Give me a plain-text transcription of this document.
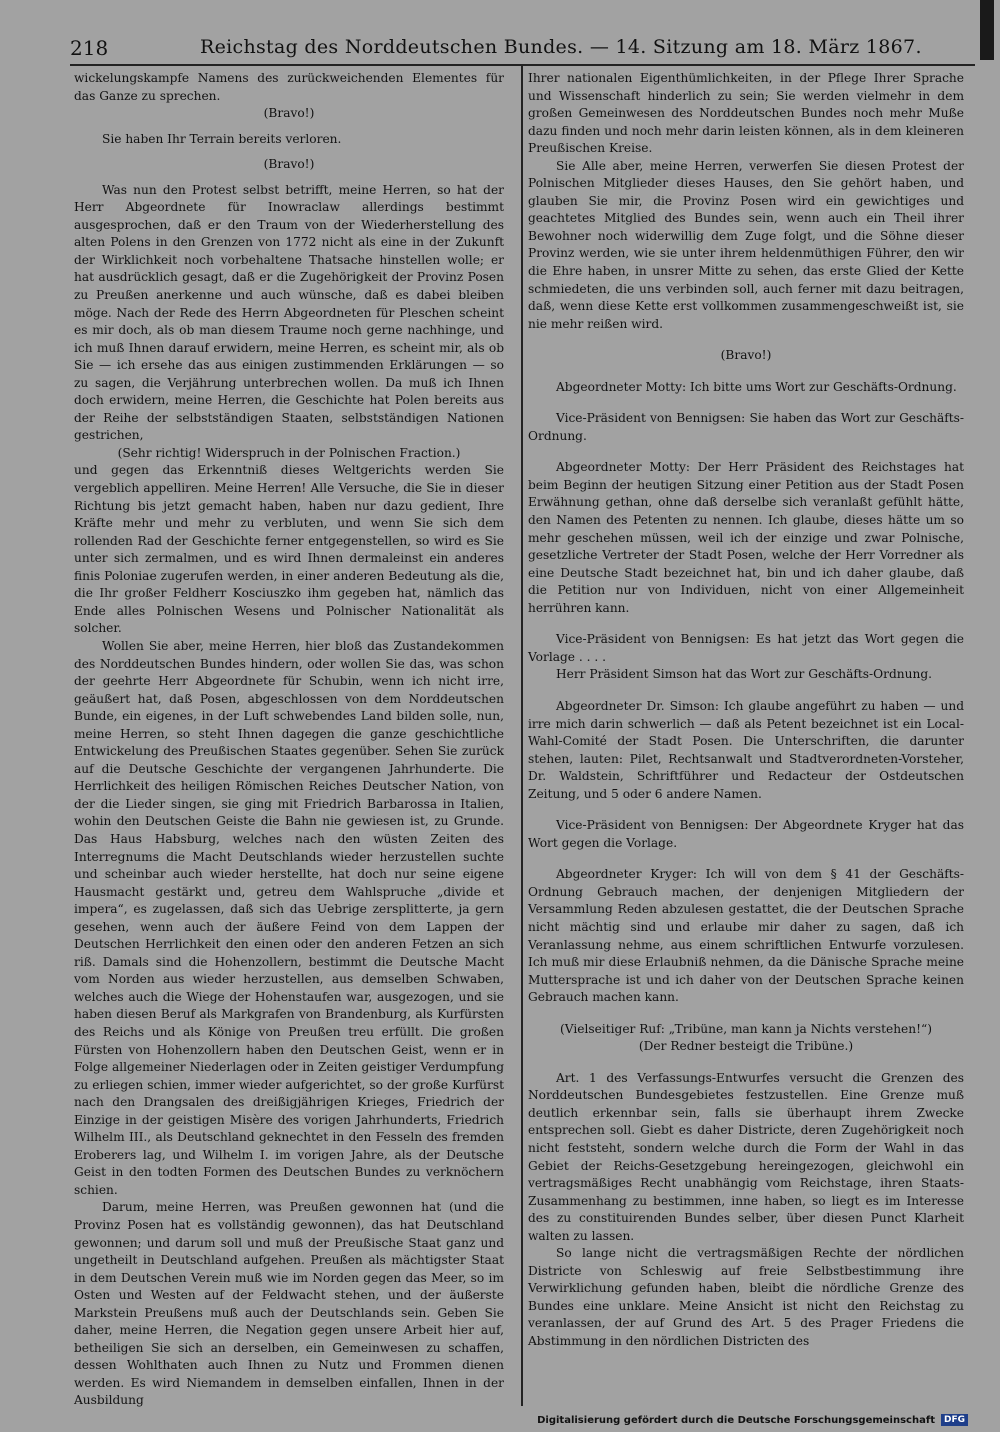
218	Reichstag des Norddeutschen Bundes. — 14. Sitzung am 18. März 1867.

wickelungskampfe Namens des zurückweichenden Elementes für das Ganze zu sprechen.

(Bravo!)

Sie haben Ihr Terrain bereits verloren.

(Bravo!)

Was nun den Protest selbst betrifft, meine Herren, so hat der Herr Abgeordnete für Inowraclaw allerdings bestimmt ausgesprochen, daß er den Traum von der Wiederherstellung des alten Polens in den Grenzen von 1772 nicht als eine in der Zukunft der Wirklichkeit noch vorbehaltene Thatsache hinstellen wolle; er hat ausdrücklich gesagt, daß er die Zugehörigkeit der Provinz Posen zu Preußen anerkenne und auch wünsche, daß es dabei bleiben möge. Nach der Rede des Herrn Abgeordneten für Pleschen scheint es mir doch, als ob man diesem Traume noch gerne nachhinge, und ich muß Ihnen darauf erwidern, meine Herren, es scheint mir, als ob Sie — ich ersehe das aus einigen zustimmenden Erklärungen — so zu sagen, die Verjährung unterbrechen wollen. Da muß ich Ihnen doch erwidern, meine Herren, die Geschichte hat Polen bereits aus der Reihe der selbstständigen Staaten, selbstständigen Nationen gestrichen,

(Sehr richtig! Widerspruch in der Polnischen Fraction.)

und gegen das Erkenntniß dieses Weltgerichts werden Sie vergeblich appelliren. Meine Herren! Alle Versuche, die Sie in dieser Richtung bis jetzt gemacht haben, haben nur dazu gedient, Ihre Kräfte mehr und mehr zu verbluten, und wenn Sie sich dem rollenden Rad der Geschichte ferner entgegenstellen, so wird es Sie unter sich zermalmen, und es wird Ihnen dermaleinst ein anderes finis Poloniae zugerufen werden, in einer anderen Bedeutung als die, die Ihr großer Feldherr Kosciuszko ihm gegeben hat, nämlich das Ende alles Polnischen Wesens und Polnischer Nationalität als solcher.

Wollen Sie aber, meine Herren, hier bloß das Zustandekommen des Norddeutschen Bundes hindern, oder wollen Sie das, was schon der geehrte Herr Abgeordnete für Schubin, wenn ich nicht irre, geäußert hat, daß Posen, abgeschlossen von dem Norddeutschen Bunde, ein eigenes, in der Luft schwebendes Land bilden solle, nun, meine Herren, so steht Ihnen dagegen die ganze geschichtliche Entwickelung des Preußischen Staates gegenüber. Sehen Sie zurück auf die Deutsche Geschichte der vergangenen Jahrhunderte. Die Herrlichkeit des heiligen Römischen Reiches Deutscher Nation, von der die Lieder singen, sie ging mit Friedrich Barbarossa in Italien, wohin den Deutschen Geiste die Bahn nie gewiesen ist, zu Grunde. Das Haus Habsburg, welches nach den wüsten Zeiten des Interregnums die Macht Deutschlands wieder herzustellen suchte und scheinbar auch wieder herstellte, hat doch nur seine eigene Hausmacht gestärkt und, getreu dem Wahlspruche „divide et impera“, es zugelassen, daß sich das Uebrige zersplitterte, ja gern gesehen, wenn auch der äußere Feind von dem Lappen der Deutschen Herrlichkeit den einen oder den anderen Fetzen an sich riß. Damals sind die Hohenzollern, bestimmt die Deutsche Macht vom Norden aus wieder herzustellen, aus demselben Schwaben, welches auch die Wiege der Hohenstaufen war, ausgezogen, und sie haben diesen Beruf als Markgrafen von Brandenburg, als Kurfürsten des Reichs und als Könige von Preußen treu erfüllt. Die großen Fürsten von Hohenzollern haben den Deutschen Geist, wenn er in Folge allgemeiner Niederlagen oder in Zeiten geistiger Verdumpfung zu erliegen schien, immer wieder aufgerichtet, so der große Kurfürst nach den Drangsalen des dreißigjährigen Krieges, Friedrich der Einzige in der geistigen Misère des vorigen Jahrhunderts, Friedrich Wilhelm III., als Deutschland geknechtet in den Fesseln des fremden Eroberers lag, und Wilhelm I. im vorigen Jahre, als der Deutsche Geist in den todten Formen des Deutschen Bundes zu verknöchern schien.

Darum, meine Herren, was Preußen gewonnen hat (und die Provinz Posen hat es vollständig gewonnen), das hat Deutschland gewonnen; und darum soll und muß der Preußische Staat ganz und ungetheilt in Deutschland aufgehen. Preußen als mächtigster Staat in dem Deutschen Verein muß wie im Norden gegen das Meer, so im Osten und Westen auf der Feldwacht stehen, und der äußerste Markstein Preußens muß auch der Deutschlands sein. Geben Sie daher, meine Herren, die Negation gegen unsere Arbeit hier auf, betheiligen Sie sich an derselben, ein Gemeinwesen zu schaffen, dessen Wohlthaten auch Ihnen zu Nutz und Frommen dienen werden. Es wird Niemandem in demselben einfallen, Ihnen in der Ausbildung

Ihrer nationalen Eigenthümlichkeiten, in der Pflege Ihrer Sprache und Wissenschaft hinderlich zu sein; Sie werden vielmehr in dem großen Gemeinwesen des Norddeutschen Bundes noch mehr Muße dazu finden und noch mehr darin leisten können, als in dem kleineren Preußischen Kreise.

Sie Alle aber, meine Herren, verwerfen Sie diesen Protest der Polnischen Mitglieder dieses Hauses, den Sie gehört haben, und glauben Sie mir, die Provinz Posen wird ein gewichtiges und geachtetes Mitglied des Bundes sein, wenn auch ein Theil ihrer Bewohner noch widerwillig dem Zuge folgt, und die Söhne dieser Provinz werden, wie sie unter ihrem heldenmüthigen Führer, den wir die Ehre haben, in unsrer Mitte zu sehen, das erste Glied der Kette schmiedeten, die uns verbinden soll, auch ferner mit dazu beitragen, daß, wenn diese Kette erst vollkommen zusammengeschweißt ist, sie nie mehr reißen wird.

(Bravo!)

Abgeordneter Motty: Ich bitte ums Wort zur Geschäfts-Ordnung.

Vice-Präsident von Bennigsen: Sie haben das Wort zur Geschäfts-Ordnung.

Abgeordneter Motty: Der Herr Präsident des Reichstages hat beim Beginn der heutigen Sitzung einer Petition aus der Stadt Posen Erwähnung gethan, ohne daß derselbe sich veranlaßt gefühlt hätte, den Namen des Petenten zu nennen. Ich glaube, dieses hätte um so mehr geschehen müssen, weil ich der einzige und zwar Polnische, gesetzliche Vertreter der Stadt Posen, welche der Herr Vorredner als eine Deutsche Stadt bezeichnet hat, bin und ich daher glaube, daß die Petition nur von Individuen, nicht von einer Allgemeinheit herrühren kann.

Vice-Präsident von Bennigsen: Es hat jetzt das Wort gegen die Vorlage . . . .

Herr Präsident Simson hat das Wort zur Geschäfts-Ordnung.

Abgeordneter Dr. Simson: Ich glaube angeführt zu haben — und irre mich darin schwerlich — daß als Petent bezeichnet ist ein Local-Wahl-Comité der Stadt Posen. Die Unterschriften, die darunter stehen, lauten: Pilet, Rechtsanwalt und Stadtverordneten-Vorsteher, Dr. Waldstein, Schriftführer und Redacteur der Ostdeutschen Zeitung, und 5 oder 6 andere Namen.

Vice-Präsident von Bennigsen: Der Abgeordnete Kryger hat das Wort gegen die Vorlage.

Abgeordneter Kryger: Ich will von dem § 41 der Geschäfts-Ordnung Gebrauch machen, der denjenigen Mitgliedern der Versammlung Reden abzulesen gestattet, die der Deutschen Sprache nicht mächtig sind und erlaube mir daher zu sagen, daß ich Veranlassung nehme, aus einem schriftlichen Entwurfe vorzulesen. Ich muß mir diese Erlaubniß nehmen, da die Dänische Sprache meine Muttersprache ist und ich daher von der Deutschen Sprache keinen Gebrauch machen kann.

(Vielseitiger Ruf: „Tribüne, man kann ja Nichts verstehen!“)

(Der Redner besteigt die Tribüne.)

Art. 1 des Verfassungs-Entwurfes versucht die Grenzen des Norddeutschen Bundesgebietes festzustellen. Eine Grenze muß deutlich erkennbar sein, falls sie überhaupt ihrem Zwecke entsprechen soll. Giebt es daher Districte, deren Zugehörigkeit noch nicht feststeht, sondern welche durch die Form der Wahl in das Gebiet der Reichs-Gesetzgebung hereingezogen, gleichwohl ein vertragsmäßiges Recht unabhängig vom Reichstage, ihren Staats-Zusammenhang zu bestimmen, inne haben, so liegt es im Interesse des zu constituirenden Bundes selber, über diesen Punct Klarheit walten zu lassen.

So lange nicht die vertragsmäßigen Rechte der nördlichen Districte von Schleswig auf freie Selbstbestimmung ihre Verwirklichung gefunden haben, bleibt die nördliche Grenze des Bundes eine unklare. Meine Ansicht ist nicht den Reichstag zu veranlassen, der auf Grund des Art. 5 des Prager Friedens die Abstimmung in den nördlichen Districten des

Digitalisierung gefördert durch die Deutsche Forschungsgemeinschaft	DFG
